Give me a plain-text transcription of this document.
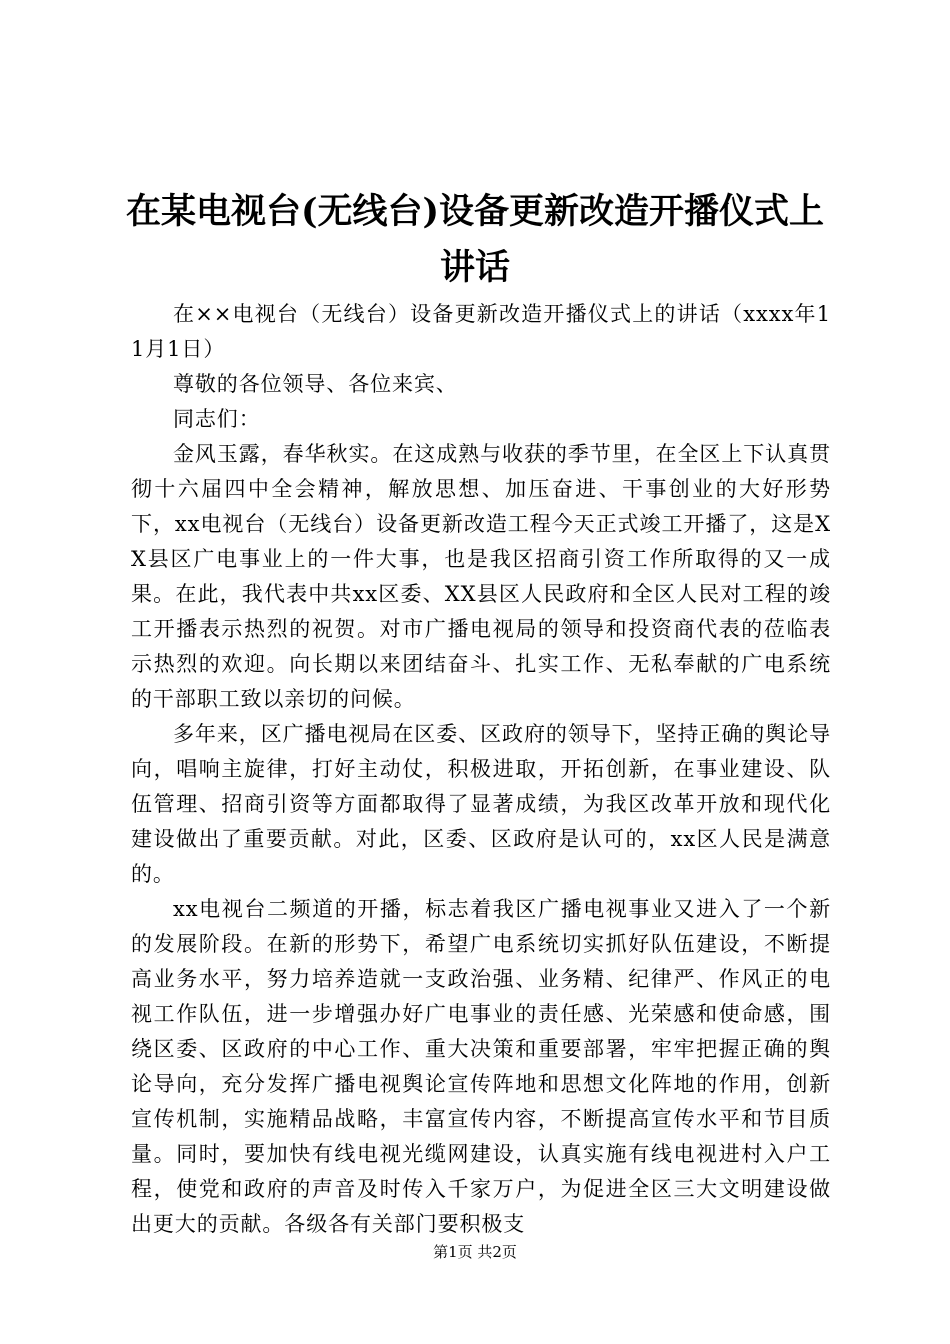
在某电视台(无线台)设备更新改造开播仪式上讲话

在××电视台（无线台）设备更新改造开播仪式上的讲话（xxxx年11月1日）

尊敬的各位领导、各位来宾、

同志们：

金风玉露，春华秋实。在这成熟与收获的季节里，在全区上下认真贯彻十六届四中全会精神，解放思想、加压奋进、干事创业的大好形势下，xx电视台（无线台）设备更新改造工程今天正式竣工开播了，这是XX县区广电事业上的一件大事，也是我区招商引资工作所取得的又一成果。在此，我代表中共xx区委、XX县区人民政府和全区人民对工程的竣工开播表示热烈的祝贺。对市广播电视局的领导和投资商代表的莅临表示热烈的欢迎。向长期以来团结奋斗、扎实工作、无私奉献的广电系统的干部职工致以亲切的问候。

多年来，区广播电视局在区委、区政府的领导下，坚持正确的舆论导向，唱响主旋律，打好主动仗，积极进取，开拓创新，在事业建设、队伍管理、招商引资等方面都取得了显著成绩，为我区改革开放和现代化建设做出了重要贡献。对此，区委、区政府是认可的，xx区人民是满意的。

xx电视台二频道的开播，标志着我区广播电视事业又进入了一个新的发展阶段。在新的形势下，希望广电系统切实抓好队伍建设，不断提高业务水平，努力培养造就一支政治强、业务精、纪律严、作风正的电视工作队伍，进一步增强办好广电事业的责任感、光荣感和使命感，围绕区委、区政府的中心工作、重大决策和重要部署，牢牢把握正确的舆论导向，充分发挥广播电视舆论宣传阵地和思想文化阵地的作用，创新宣传机制，实施精品战略，丰富宣传内容，不断提高宣传水平和节目质量。同时，要加快有线电视光缆网建设，认真实施有线电视进村入户工程，使党和政府的声音及时传入千家万户，为促进全区三大文明建设做出更大的贡献。各级各有关部门要积极支

第1页 共2页
